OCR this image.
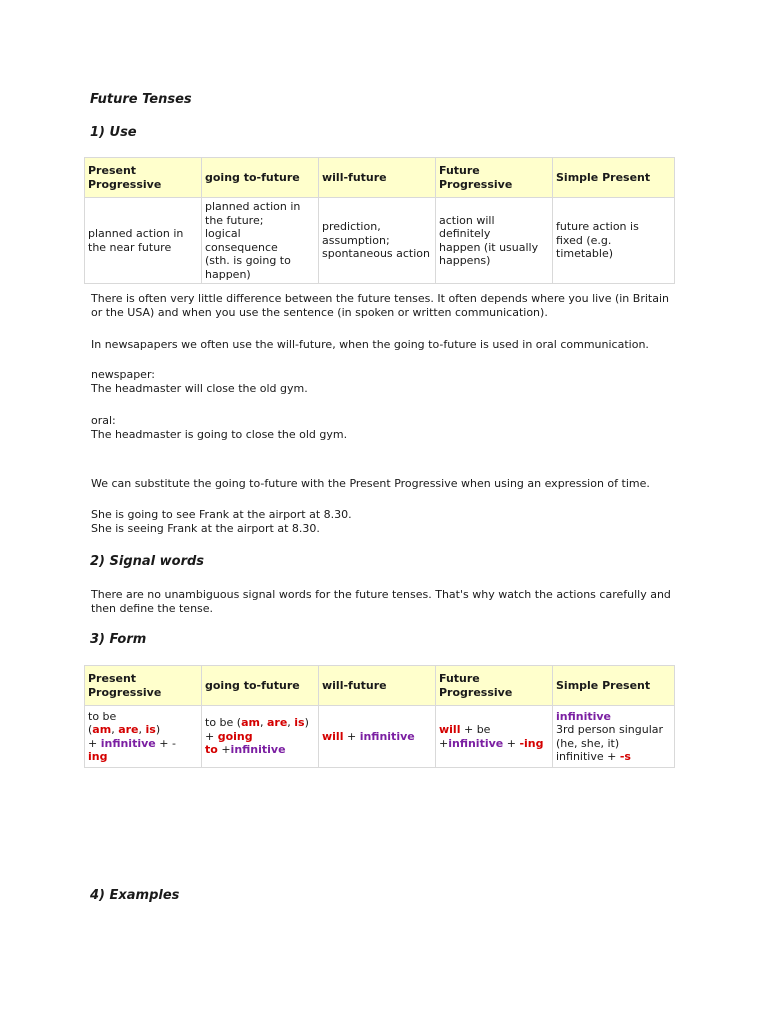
Future Tenses
1) Use
Present Progressive	going to-future	will-future	Future Progressive	Simple Present
planned action in the near future	planned action in
the future;
logical consequence
(sth. is going to
happen)	prediction,
assumption;
spontaneous action	action will definitely
happen (it usually
happens)	future action is
fixed (e.g.
timetable)

There is often very little difference between the future tenses. It often depends where you live (in Britain or the USA) and when you use the sentence (in spoken or written communication).

In newsapapers we often use the will-future, when the going to-future is used in oral communication.

newspaper:
The headmaster will close the old gym.

oral:
The headmaster is going to close the old gym.

We can substitute the going to-future with the Present Progressive when using an expression of time.

She is going to see Frank at the airport at 8.30.
She is seeing Frank at the airport at 8.30.

2) Signal words

There are no unambiguous signal words for the future tenses. That's why watch the actions carefully and then define the tense.

3) Form
Present Progressive	going to-future	will-future	Future Progressive	Simple Present
to be
(am, are, is)
+ infinitive + -
ing	to be (am, are, is)
+ going
to +infinitive	will + infinitive	will + be
+infinitive + -ing	infinitive
3rd person singular
(he, she, it)
infinitive + -s
4) Examples
